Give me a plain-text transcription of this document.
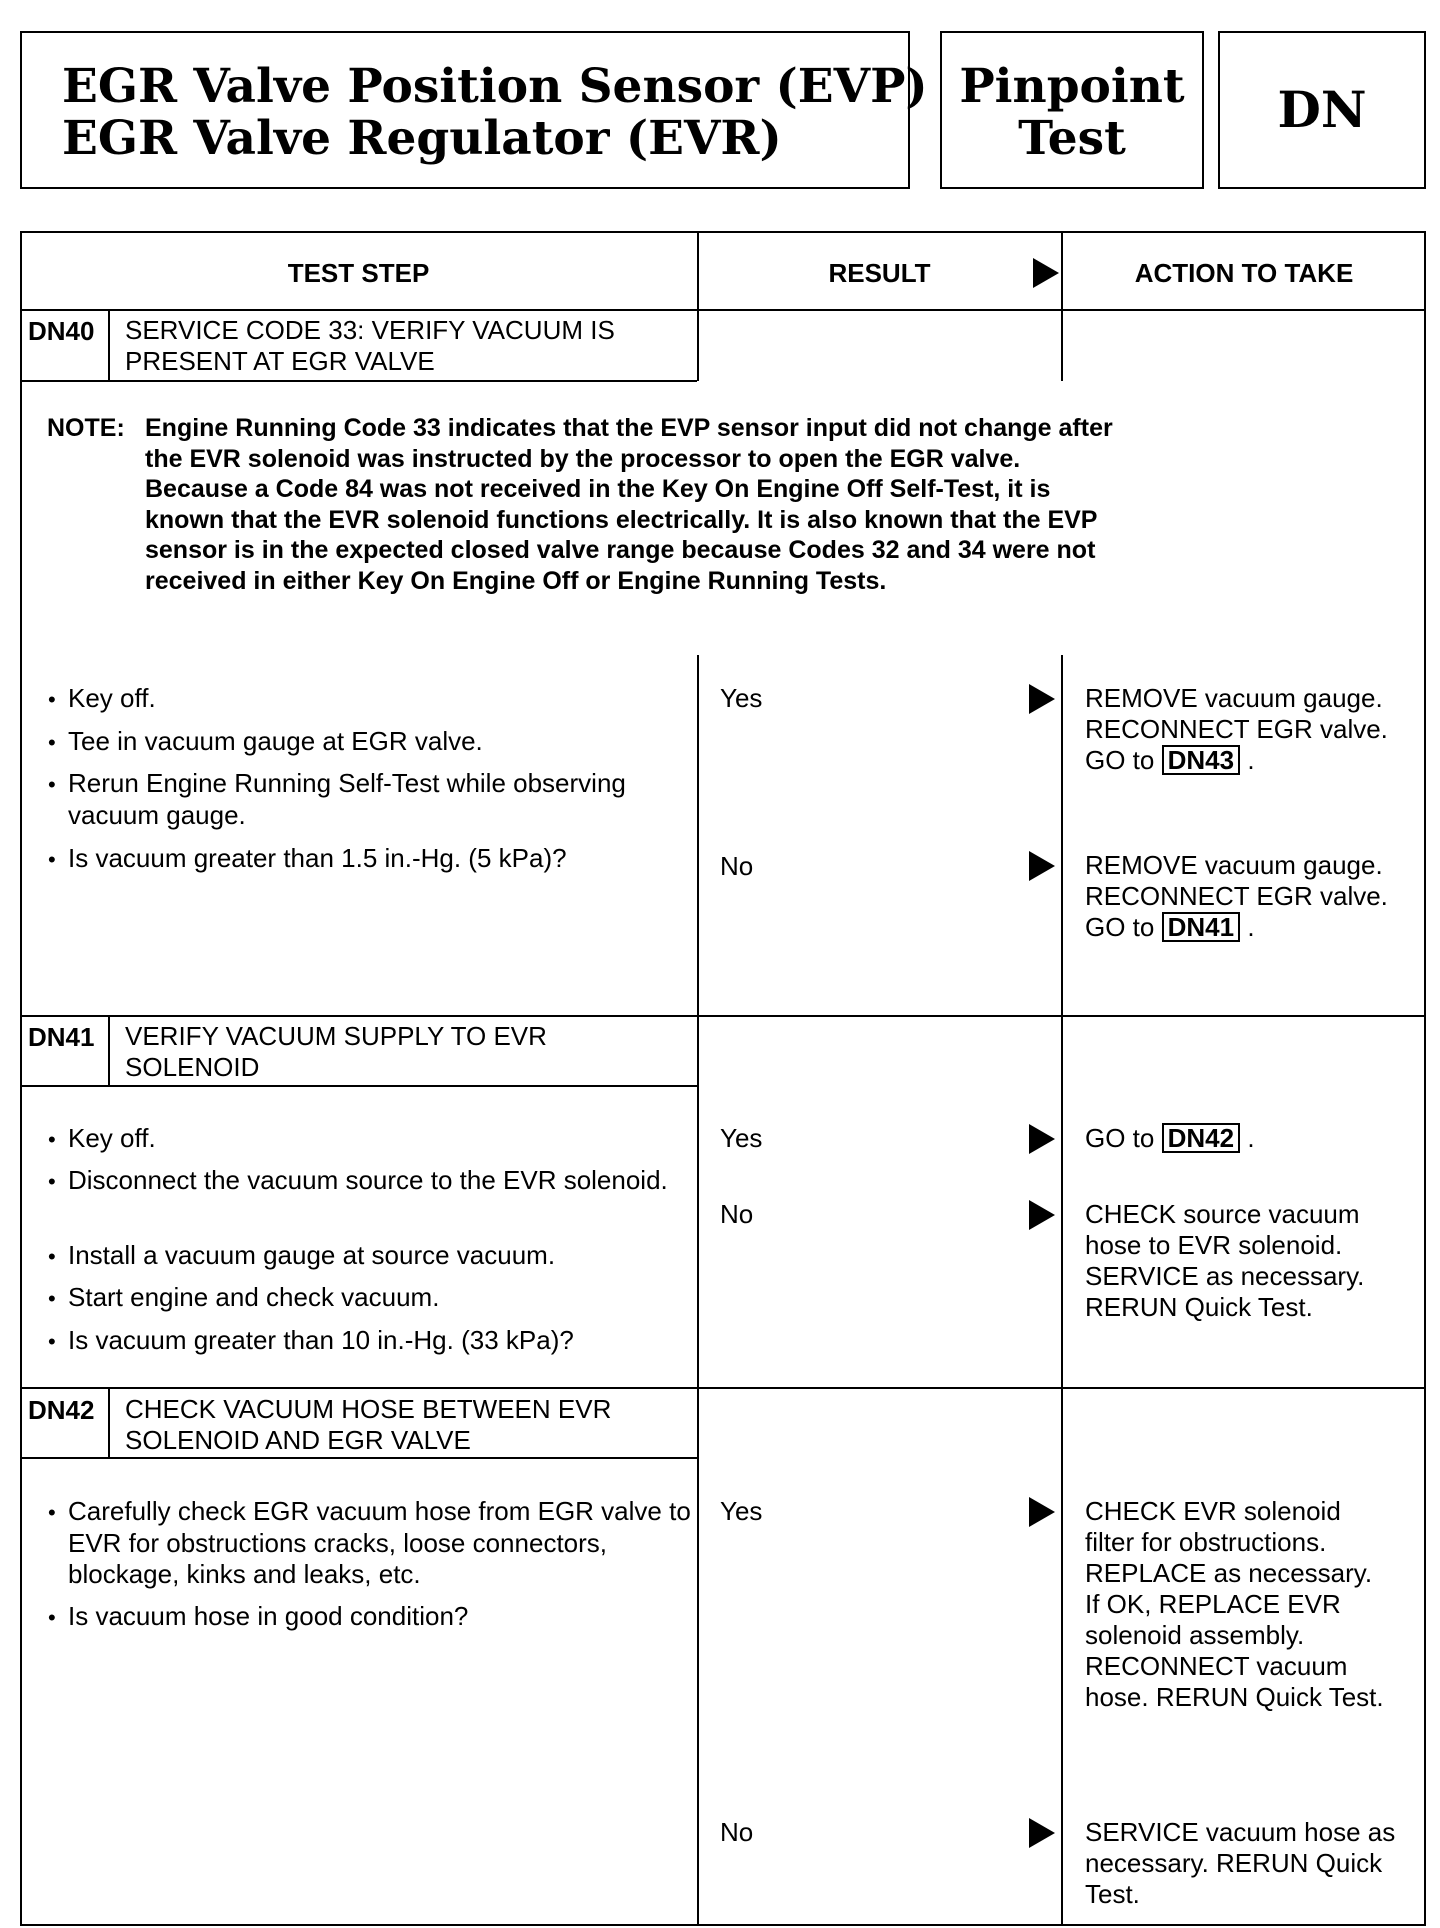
EGR Valve Position Sensor (EVP)
EGR Valve Regulator (EVR)
Pinpoint
Test	DN
TEST STEP	RESULT	ACTION TO TAKE
DN40 SERVICE CODE 33: VERIFY VACUUM IS
PRESENT AT EGR VALVE
NOTE: Engine Running Code 33 indicates that the EVP sensor input did not change after
the EVR solenoid was instructed by the processor to open the EGR valve.
Because a Code 84 was not received in the Key On Engine Off Self-Test, it is
known that the EVR solenoid functions electrically. It is also known that the EVP
sensor is in the expected closed valve range because Codes 32 and 34 were not
received in either Key On Engine Off or Engine Running Tests.
• Key off.
• Tee in vacuum gauge at EGR valve.
• Rerun Engine Running Self-Test while observing vacuum gauge.
• Is vacuum greater than 1.5 in.-Hg. (5 kPa)?
Yes	REMOVE vacuum gauge. RECONNECT EGR valve. GO to DN43 .
No	REMOVE vacuum gauge. RECONNECT EGR valve. GO to DN41 .
DN41 VERIFY VACUUM SUPPLY TO EVR
SOLENOID
• Key off.
• Disconnect the vacuum source to the EVR solenoid.
• Install a vacuum gauge at source vacuum.
• Start engine and check vacuum.
• Is vacuum greater than 10 in.-Hg. (33 kPa)?
Yes	GO to DN42 .
No	CHECK source vacuum hose to EVR solenoid. SERVICE as necessary. RERUN Quick Test.
DN42 CHECK VACUUM HOSE BETWEEN EVR
SOLENOID AND EGR VALVE
• Carefully check EGR vacuum hose from EGR valve to EVR for obstructions cracks, loose connectors, blockage, kinks and leaks, etc.
• Is vacuum hose in good condition?
Yes	CHECK EVR solenoid filter for obstructions. REPLACE as necessary. If OK, REPLACE EVR solenoid assembly. RECONNECT vacuum hose. RERUN Quick Test.
No	SERVICE vacuum hose as necessary. RERUN Quick Test.
